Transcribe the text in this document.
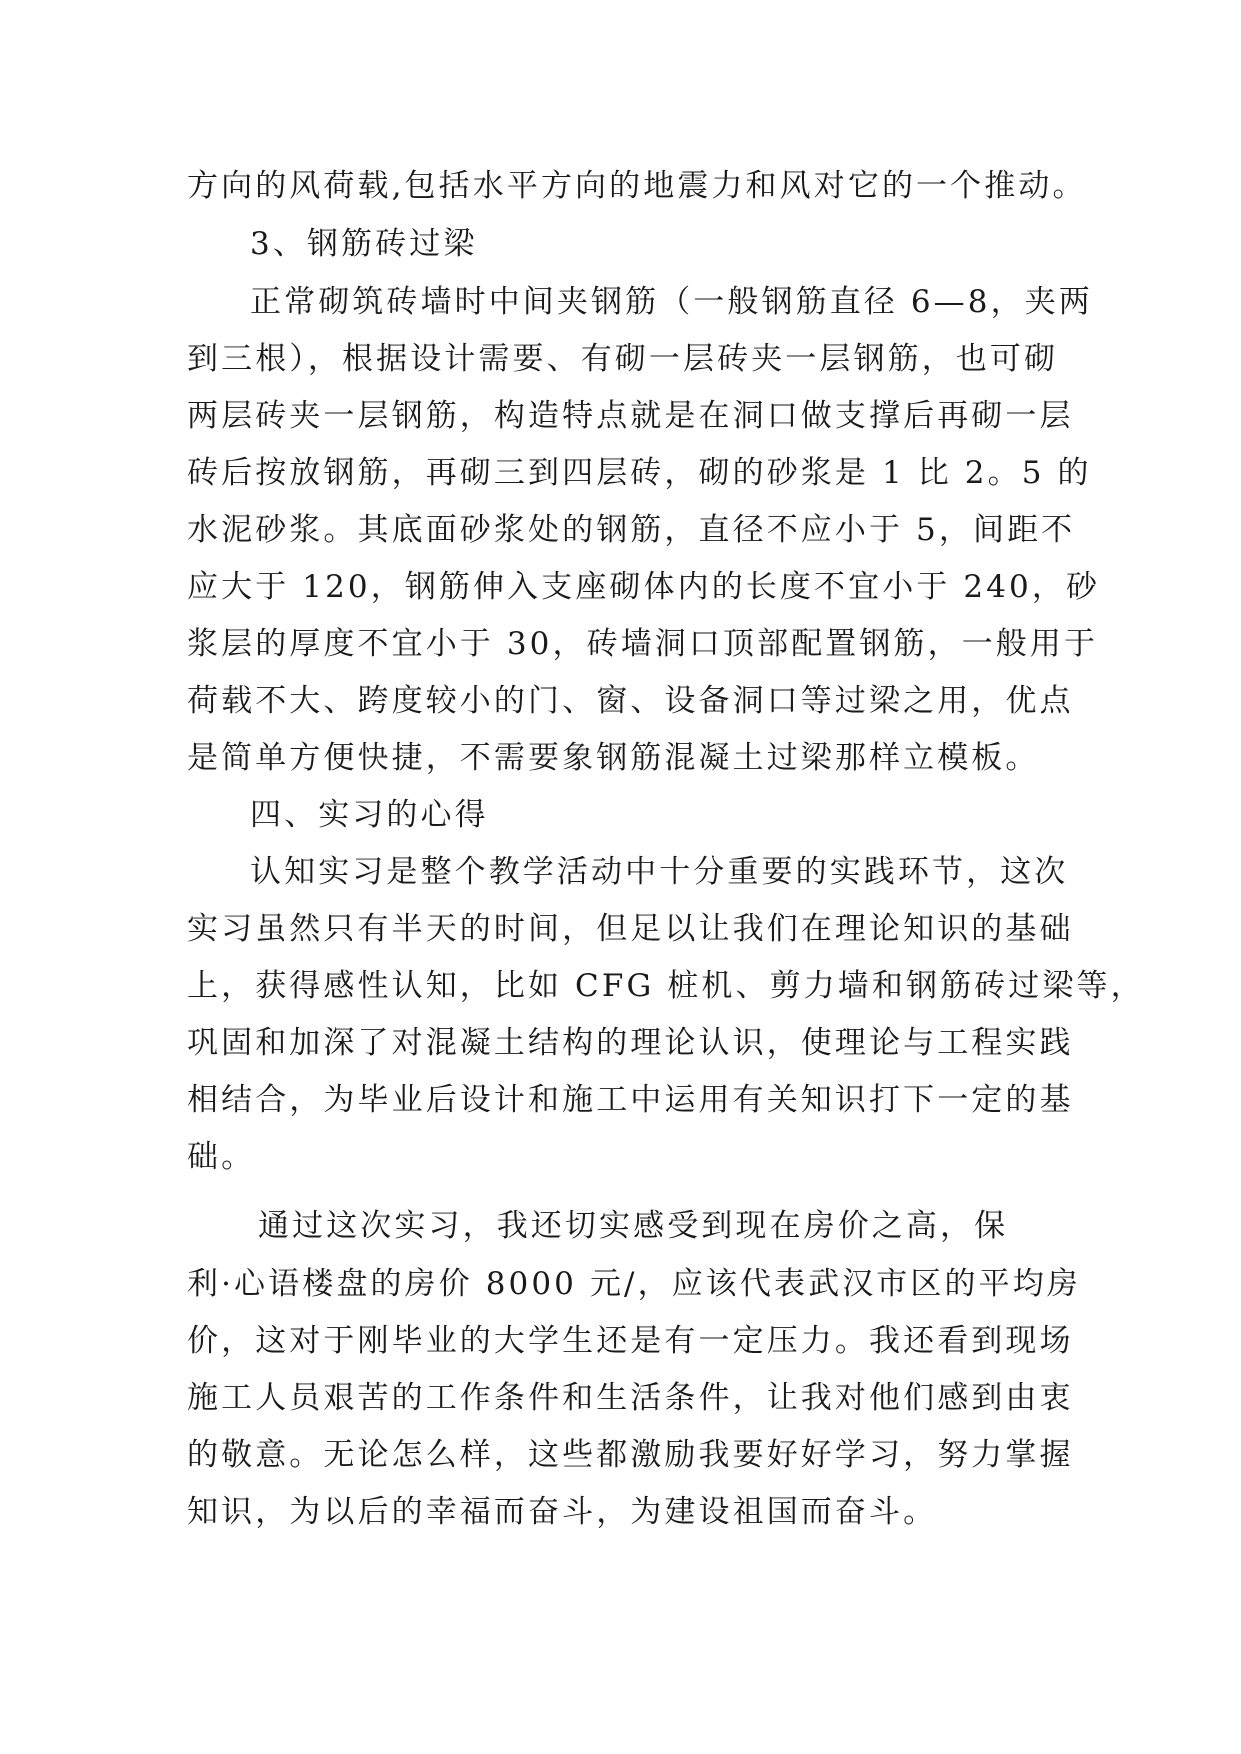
方向的风荷载,包括水平方向的地震力和风对它的一个推动。

3、钢筋砖过梁

正常砌筑砖墙时中间夹钢筋（一般钢筋直径 6—8，夹两

到三根），根据设计需要、有砌一层砖夹一层钢筋，也可砌

两层砖夹一层钢筋，构造特点就是在洞口做支撑后再砌一层

砖后按放钢筋，再砌三到四层砖，砌的砂浆是 1 比 2。5 的

水泥砂浆。其底面砂浆处的钢筋，直径不应小于 5，间距不

应大于 120，钢筋伸入支座砌体内的长度不宜小于 240，砂

浆层的厚度不宜小于 30，砖墙洞口顶部配置钢筋，一般用于

荷载不大、跨度较小的门、窗、设备洞口等过梁之用，优点

是简单方便快捷，不需要象钢筋混凝土过梁那样立模板。

四、实习的心得

认知实习是整个教学活动中十分重要的实践环节，这次

实习虽然只有半天的时间，但足以让我们在理论知识的基础

上，获得感性认知，比如 CFG 桩机、剪力墙和钢筋砖过梁等，

巩固和加深了对混凝土结构的理论认识，使理论与工程实践

相结合，为毕业后设计和施工中运用有关知识打下一定的基

础。

通过这次实习，我还切实感受到现在房价之高，保

利·心语楼盘的房价 8000 元/，应该代表武汉市区的平均房

价，这对于刚毕业的大学生还是有一定压力。我还看到现场

施工人员艰苦的工作条件和生活条件，让我对他们感到由衷

的敬意。无论怎么样，这些都激励我要好好学习，努力掌握

知识，为以后的幸福而奋斗，为建设祖国而奋斗。
